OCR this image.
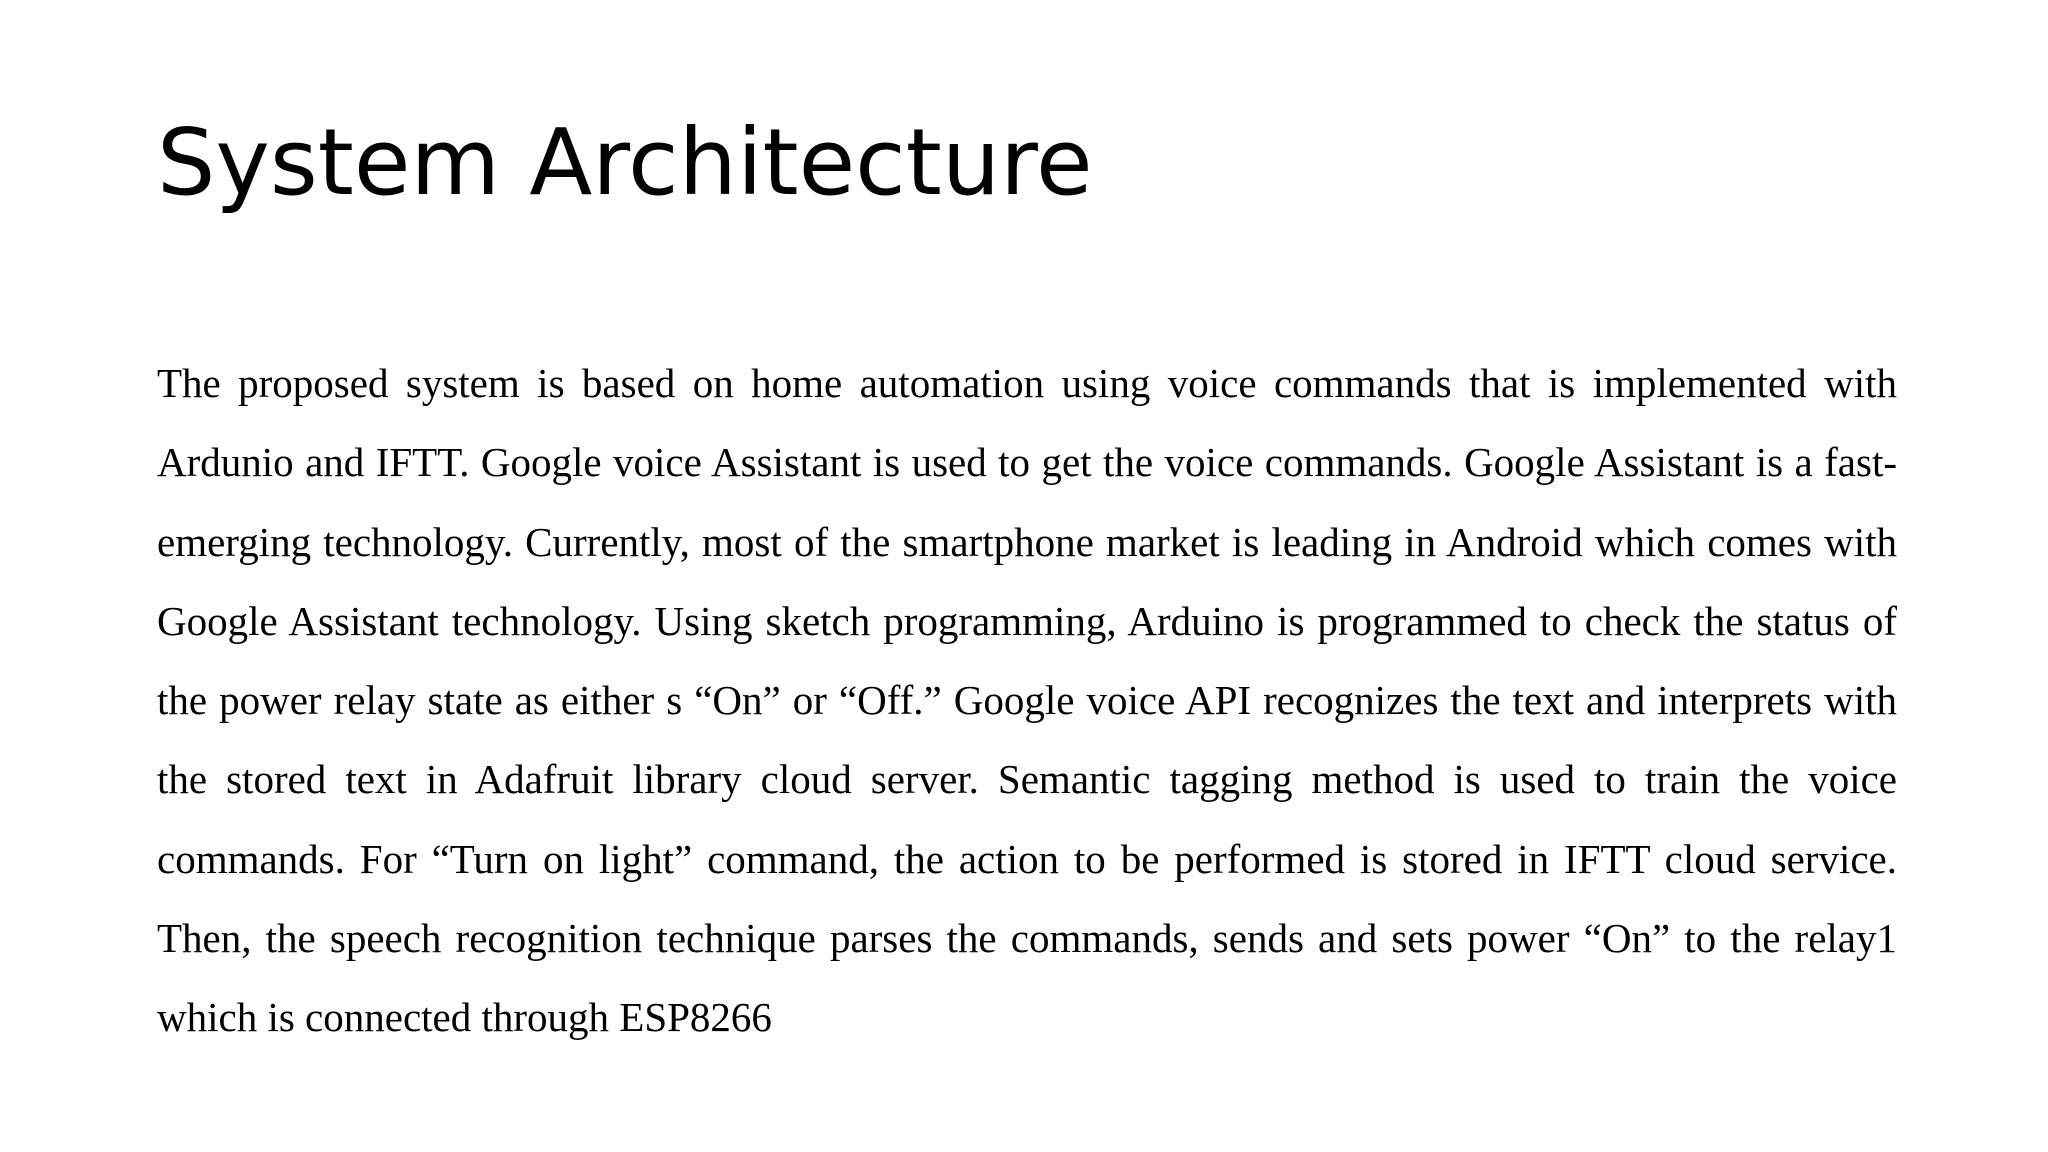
System Architecture

The proposed system is based on home automation using voice commands that is implemented with Ardunio and IFTT. Google voice Assistant is used to get the voice commands. Google Assistant is a fast-emerging technology. Currently, most of the smartphone market is leading in Android which comes with Google Assistant technology. Using sketch programming, Arduino is programmed to check the status of the power relay state as either s “On” or “Off.” Google voice API recognizes the text and interprets with the stored text in Adafruit library cloud server. Semantic tagging method is used to train the voice commands. For “Turn on light” command, the action to be performed is stored in IFTT cloud service. Then, the speech recognition technique parses the commands, sends and sets power “On” to the relay1 which is connected through ESP8266
